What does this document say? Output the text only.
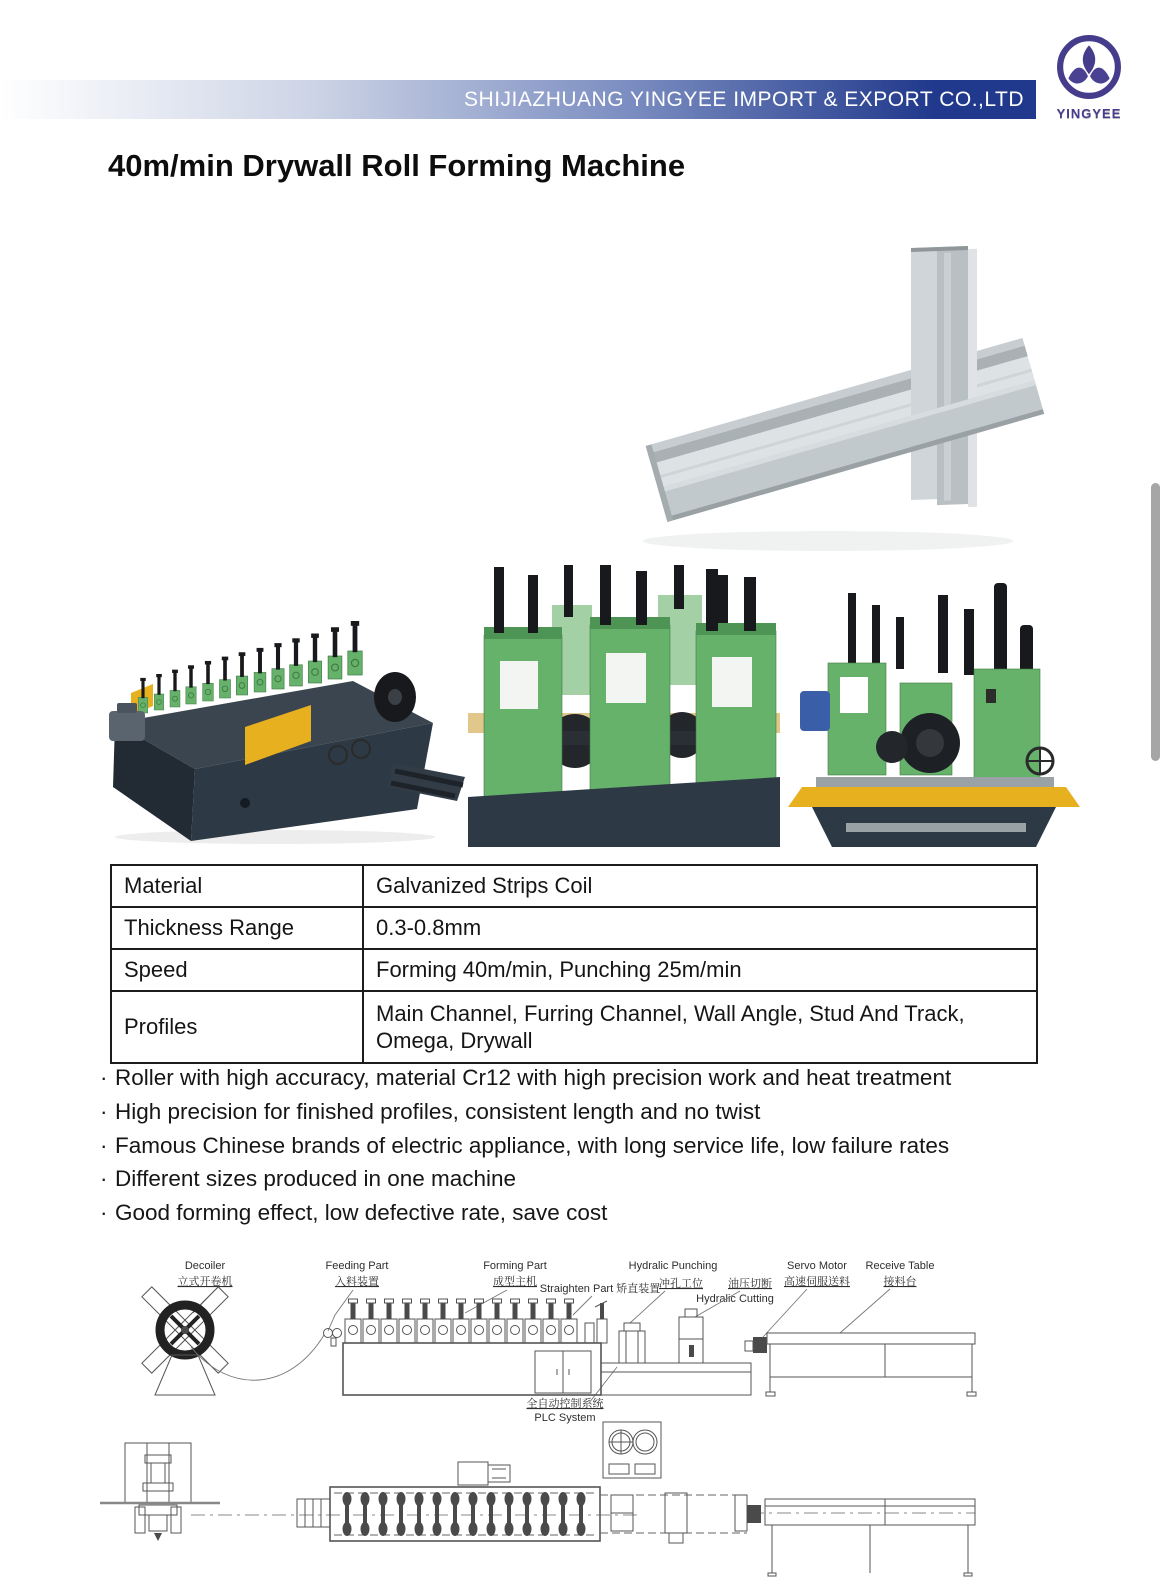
SHIJIAZHUANG YINGYEE IMPORT & EXPORT CO.,LTD
YINGYEE
40m/min Drywall Roll Forming Machine
Material	Galvanized Strips Coil
Thickness Range	0.3-0.8mm
Speed	Forming 40m/min, Punching 25m/min
Profiles	Main Channel, Furring Channel, Wall Angle, Stud And Track, Omega, Drywall
· Roller with high accuracy, material Cr12 with high precision work and heat treatment
· High precision for finished profiles, consistent length and no twist
· Famous Chinese brands of electric appliance, with long service life, low failure rates
· Different sizes produced in one machine
· Good forming effect, low defective rate, save cost
Decoiler
立式开卷机
Feeding Part
入料装置
Forming Part
成型主机
Straighten Part 矫直装置
Hydralic Punching
冲孔工位 油压切断
Hydralic Cutting
Servo Motor
高速伺服送料
Receive Table
接料台
全自动控制系统
PLC System
